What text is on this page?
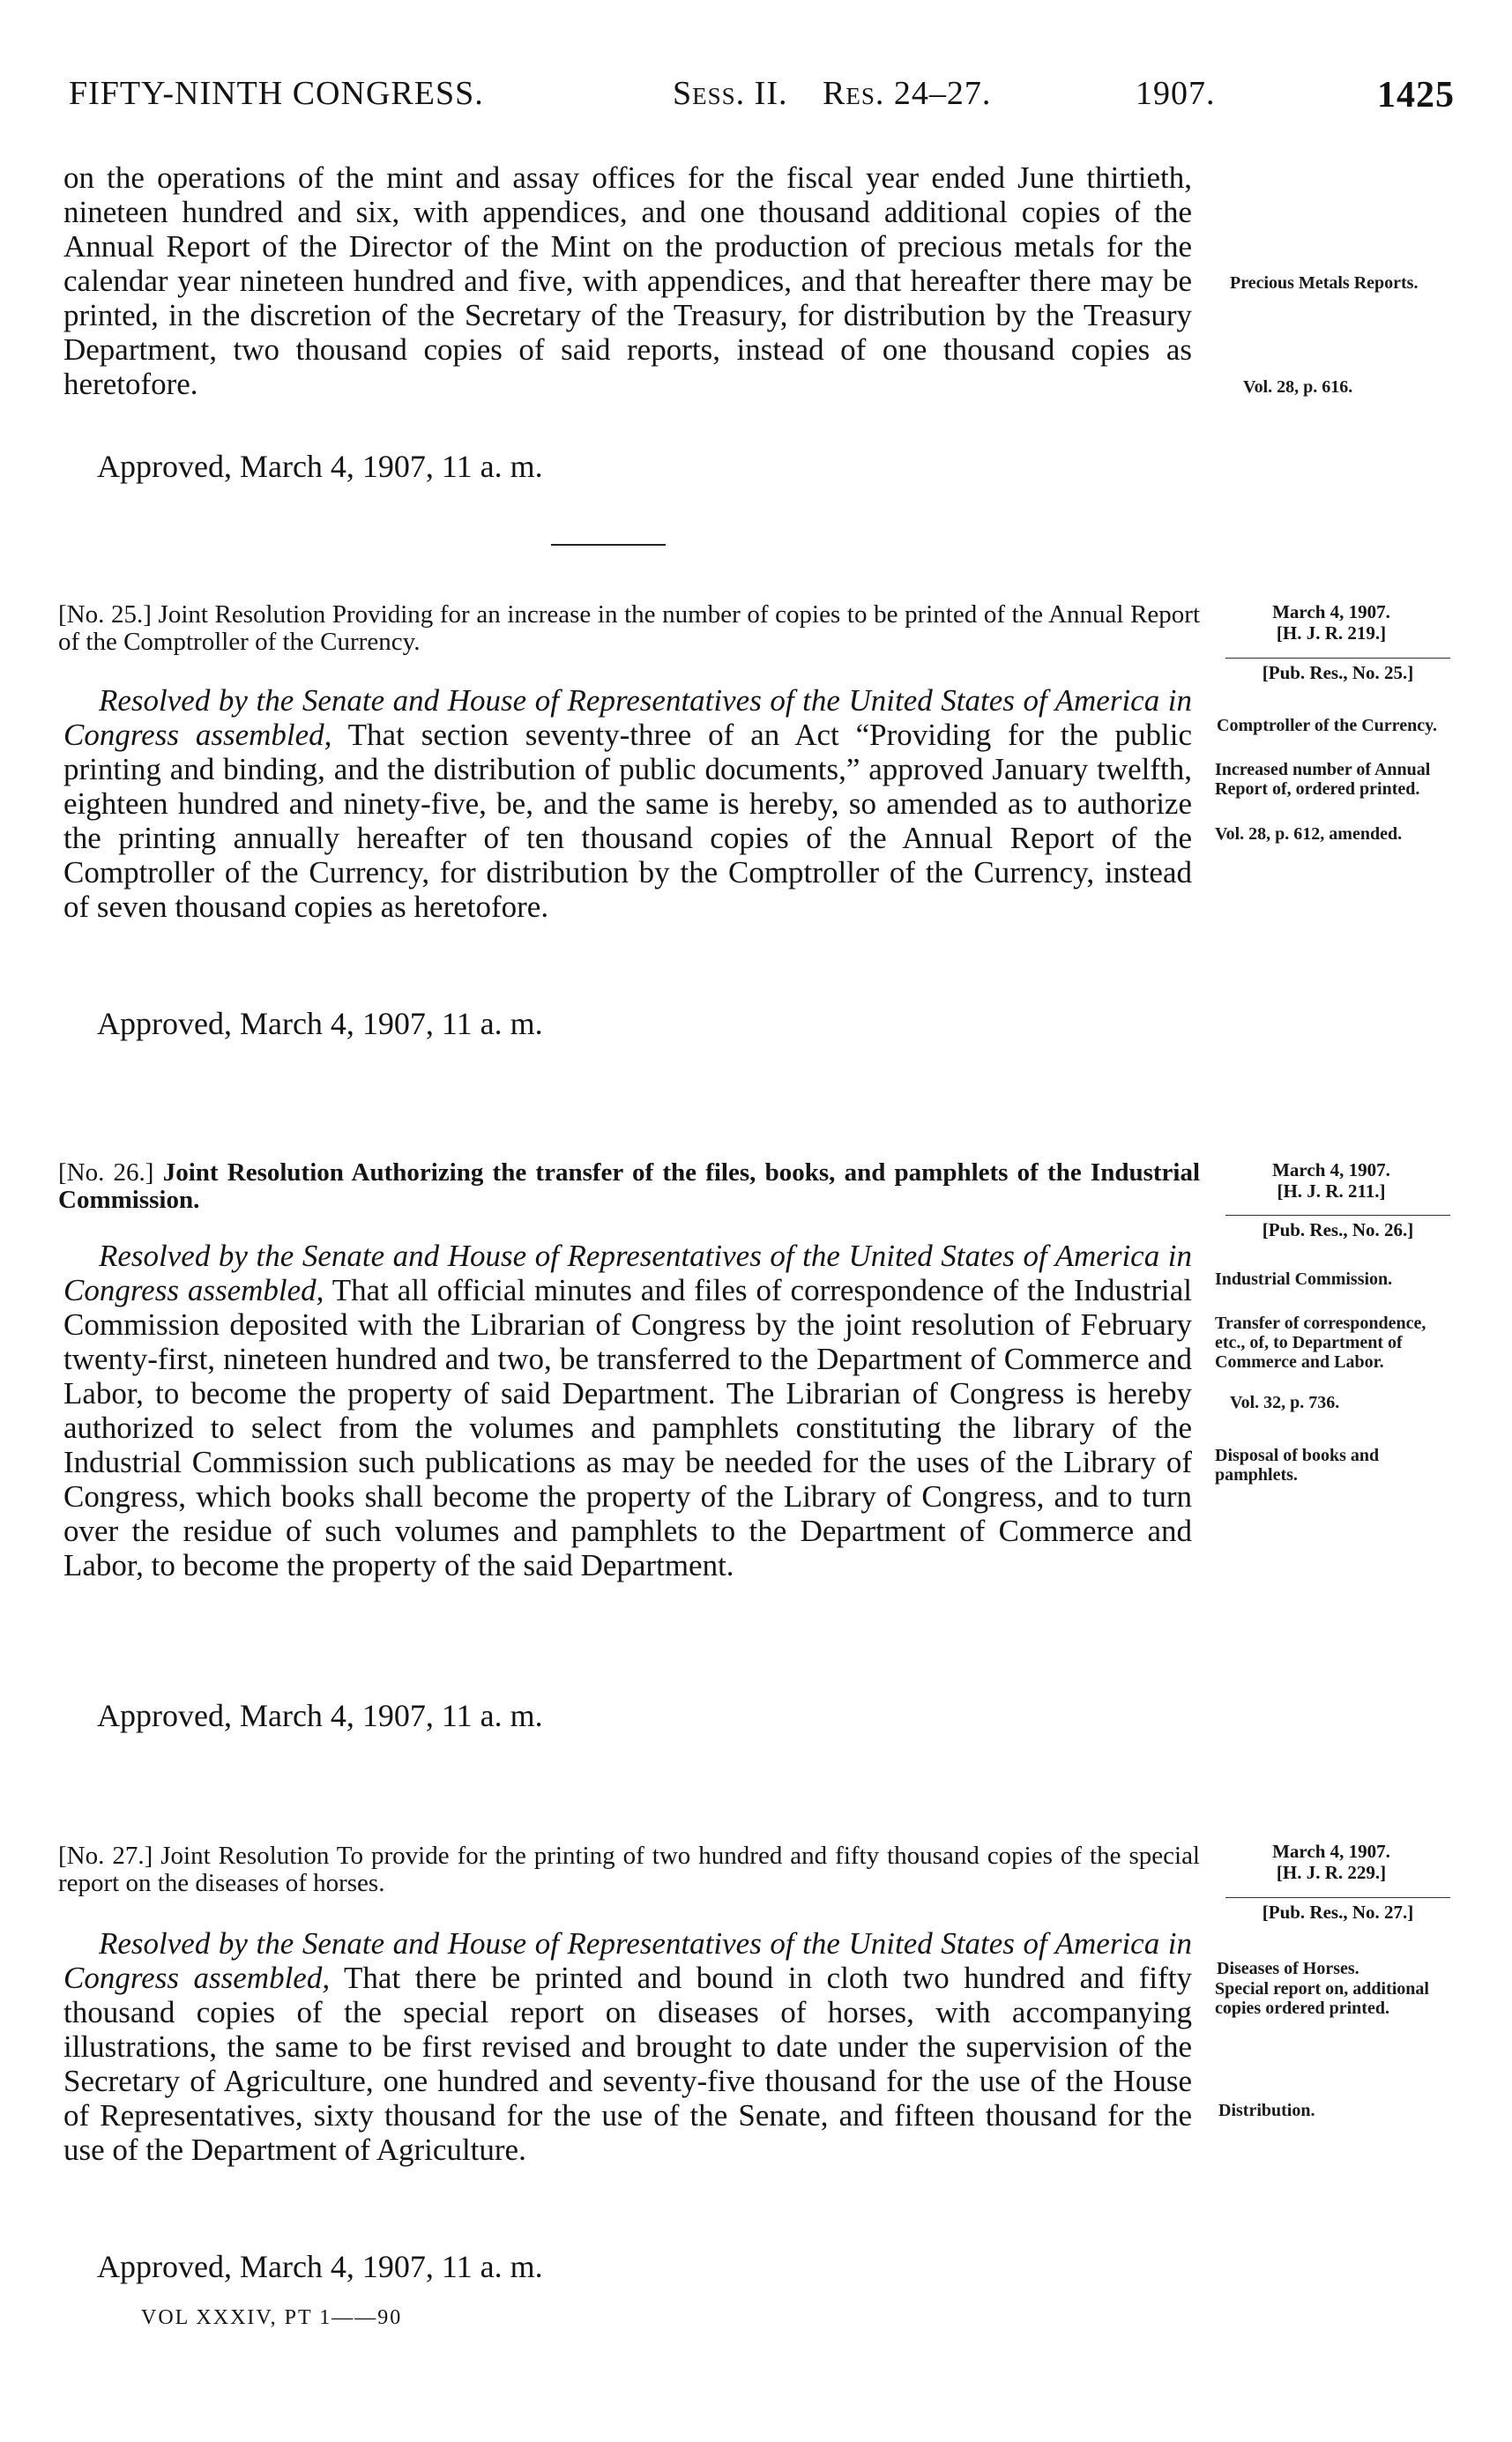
FIFTY-NINTH CONGRESS.	Sess. II. Res. 24–27.	1907.	1425

on the operations of the mint and assay offices for the fiscal year ended June thirtieth, nineteen hundred and six, with appendices, and one thousand additional copies of the Annual Report of the Director of the Mint on the production of precious metals for the calendar year nineteen hundred and five, with appendices, and that hereafter there may be printed, in the discretion of the Secretary of the Treasury, for distribution by the Treasury Department, two thousand copies of said reports, instead of one thousand copies as heretofore.

Approved, March 4, 1907, 11 a. m.
Precious Metals Reports.
Vol. 28, p. 616.
[No. 25.] Joint Resolution Providing for an increase in the number of copies to be printed of the Annual Report of the Comptroller of the Currency.
March 4, 1907.
[H. J. R. 219.]
[Pub. Res., No. 25.]

Resolved by the Senate and House of Representatives of the United States of America in Congress assembled, That section seventy-three of an Act “Providing for the public printing and binding, and the distribution of public documents,” approved January twelfth, eighteen hundred and ninety-five, be, and the same is hereby, so amended as to authorize the printing annually hereafter of ten thousand copies of the Annual Report of the Comptroller of the Currency, for distribution by the Comptroller of the Currency, instead of seven thousand copies as heretofore.

Approved, March 4, 1907, 11 a. m.
Comptroller of the Currency.
Increased number of Annual Report of, ordered printed.
Vol. 28, p. 612, amended.
[No. 26.] Joint Resolution Authorizing the transfer of the files, books, and pamphlets of the Industrial Commission.
March 4, 1907.
[H. J. R. 211.]
[Pub. Res., No. 26.]

Resolved by the Senate and House of Representatives of the United States of America in Congress assembled, That all official minutes and files of correspondence of the Industrial Commission deposited with the Librarian of Congress by the joint resolution of February twenty-first, nineteen hundred and two, be transferred to the Department of Commerce and Labor, to become the property of said Department. The Librarian of Congress is hereby authorized to select from the volumes and pamphlets constituting the library of the Industrial Commission such publications as may be needed for the uses of the Library of Congress, which books shall become the property of the Library of Congress, and to turn over the residue of such volumes and pamphlets to the Department of Commerce and Labor, to become the property of the said Department.

Approved, March 4, 1907, 11 a. m.
Industrial Commission.
Transfer of correspondence, etc., of, to Department of Commerce and Labor.
Vol. 32, p. 736.
Disposal of books and pamphlets.
[No. 27.] Joint Resolution To provide for the printing of two hundred and fifty thousand copies of the special report on the diseases of horses.
March 4, 1907.
[H. J. R. 229.]
[Pub. Res., No. 27.]

Resolved by the Senate and House of Representatives of the United States of America in Congress assembled, That there be printed and bound in cloth two hundred and fifty thousand copies of the special report on diseases of horses, with accompanying illustrations, the same to be first revised and brought to date under the supervision of the Secretary of Agriculture, one hundred and seventy-five thousand for the use of the House of Representatives, sixty thousand for the use of the Senate, and fifteen thousand for the use of the Department of Agriculture.

Approved, March 4, 1907, 11 a. m.
Diseases of Horses.
Special report on, additional copies ordered printed.
Distribution.
VOL XXXIV, PT 1——90
